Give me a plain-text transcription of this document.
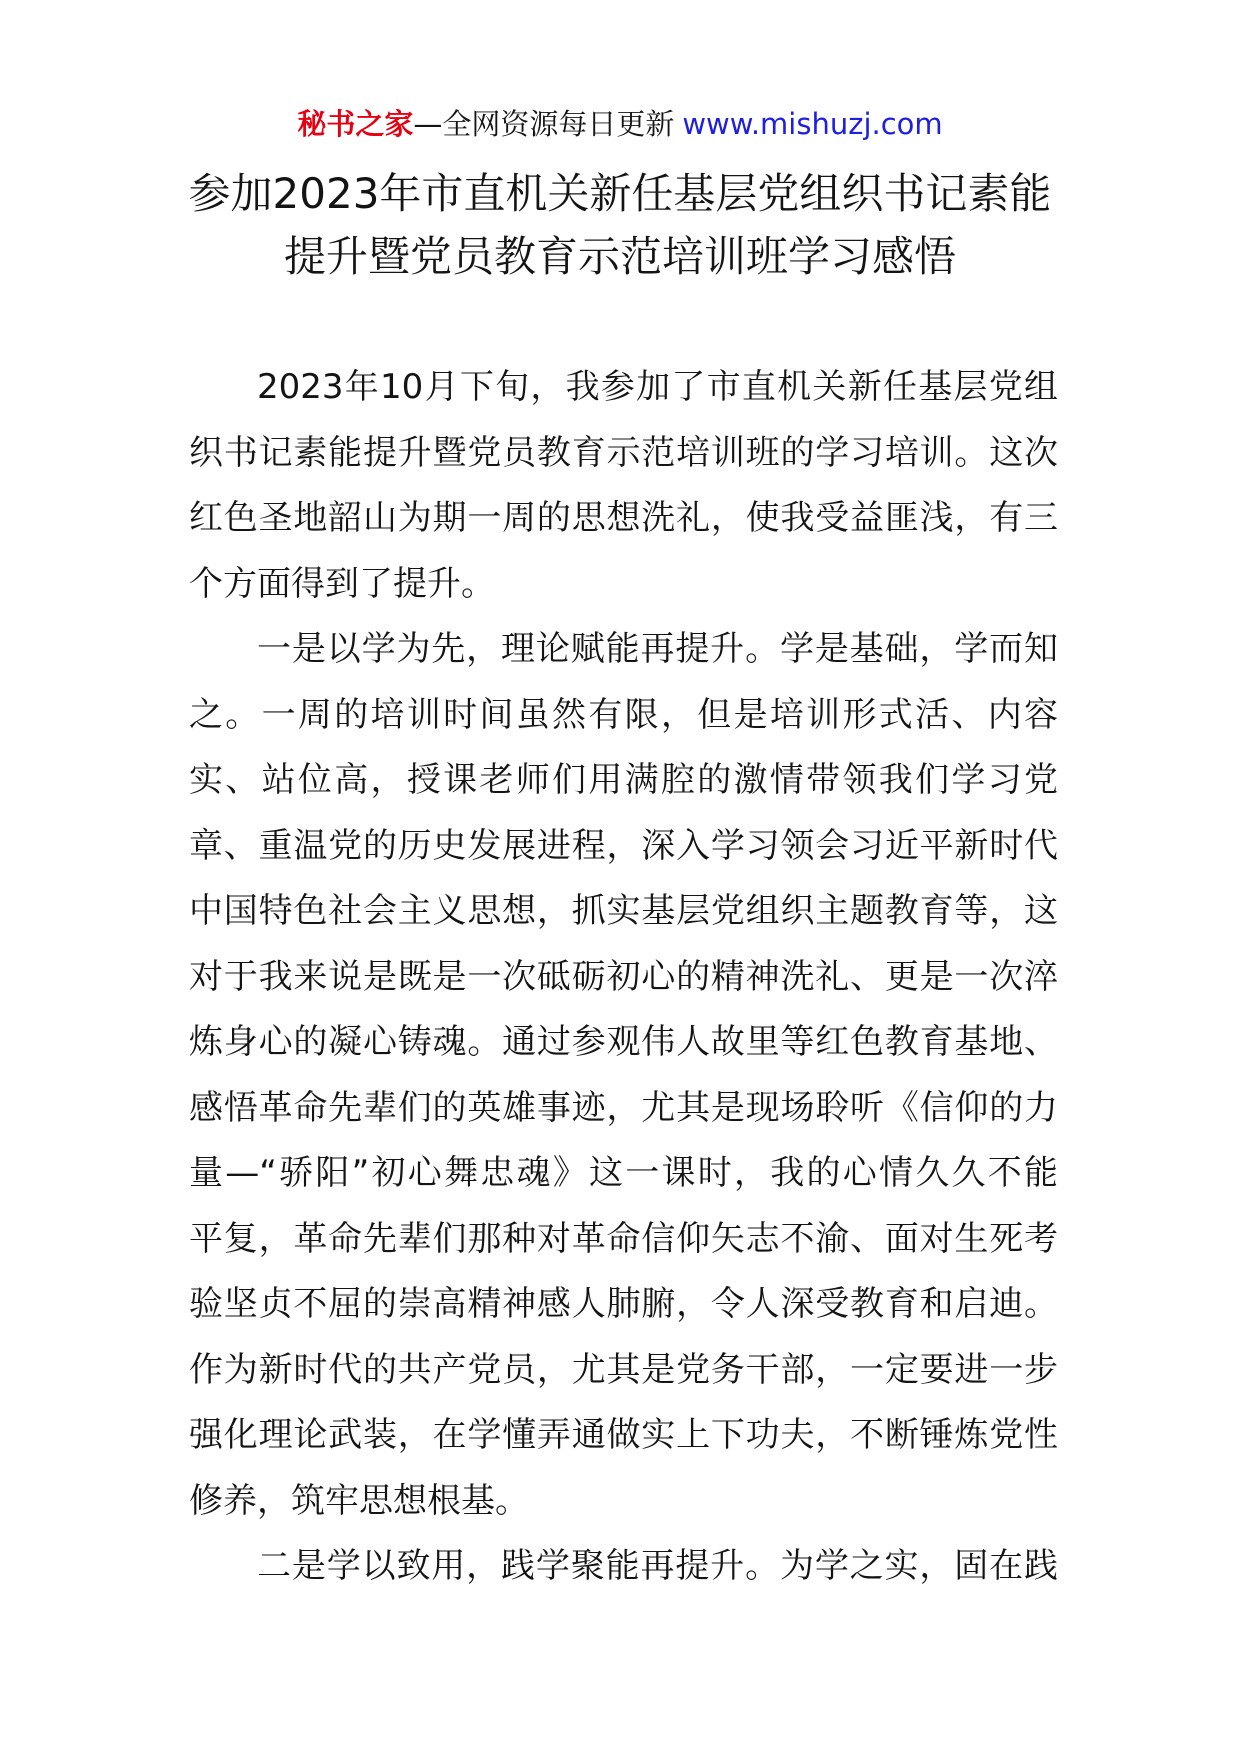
秘书之家—全网资源每日更新 www.mishuzj.com
参加2023年市直机关新任基层党组织书记素能
提升暨党员教育示范培训班学习感悟
2023年10月下旬，我参加了市直机关新任基层党组
织书记素能提升暨党员教育示范培训班的学习培训。这次
红色圣地韶山为期一周的思想洗礼，使我受益匪浅，有三
个方面得到了提升。
一是以学为先，理论赋能再提升。学是基础，学而知
之。一周的培训时间虽然有限，但是培训形式活、内容
实、站位高，授课老师们用满腔的激情带领我们学习党
章、重温党的历史发展进程，深入学习领会习近平新时代
中国特色社会主义思想，抓实基层党组织主题教育等，这
对于我来说是既是一次砥砺初心的精神洗礼、更是一次淬
炼身心的凝心铸魂。通过参观伟人故里等红色教育基地、
感悟革命先辈们的英雄事迹，尤其是现场聆听《信仰的力
量—“骄阳”初心舞忠魂》这一课时，我的心情久久不能
平复，革命先辈们那种对革命信仰矢志不渝、面对生死考
验坚贞不屈的崇高精神感人肺腑，令人深受教育和启迪。
作为新时代的共产党员，尤其是党务干部，一定要进一步
强化理论武装，在学懂弄通做实上下功夫，不断锤炼党性
修养，筑牢思想根基。
二是学以致用，践学聚能再提升。为学之实，固在践
